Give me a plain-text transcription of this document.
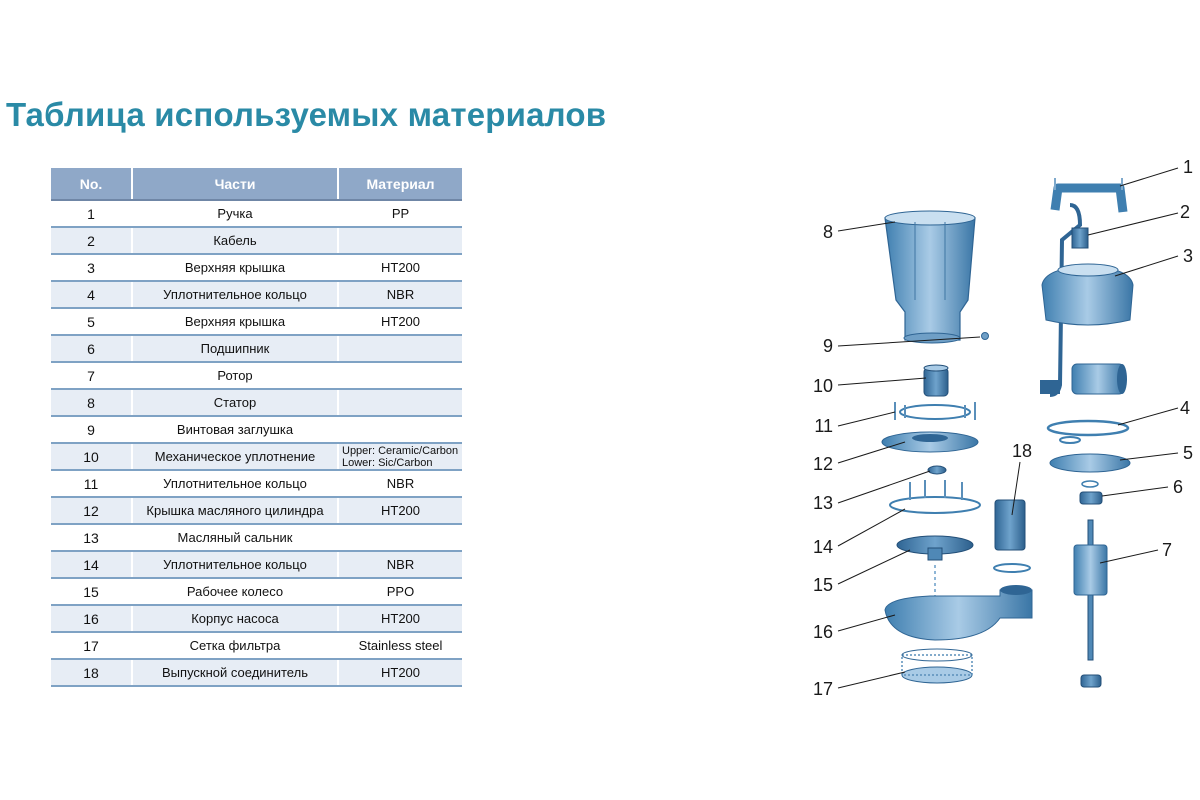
Таблица используемых материалов
No.	Части	Материал
1	Ручка	PP
2	Кабель	
3	Верхняя крышка	HT200
4	Уплотнительное кольцо	NBR
5	Верхняя крышка	HT200
6	Подшипник	
7	Ротор	
8	Статор	
9	Винтовая заглушка	
10	Механическое уплотнение	Upper: Ceramic/Carbon
Lower: Sic/Carbon

11	Уплотнительное кольцо	NBR
12	Крышка масляного цилиндра	HT200
13	Масляный сальник	
14	Уплотнительное кольцо	NBR
15	Рабочее колесо	PPO
16	Корпус насоса	HT200
17	Сетка фильтра	Stainless steel
18	Выпускной соединитель	HT200
1
2
3
4
5
6
7
8
9
10
11
12
13
14
15
16
17
18
